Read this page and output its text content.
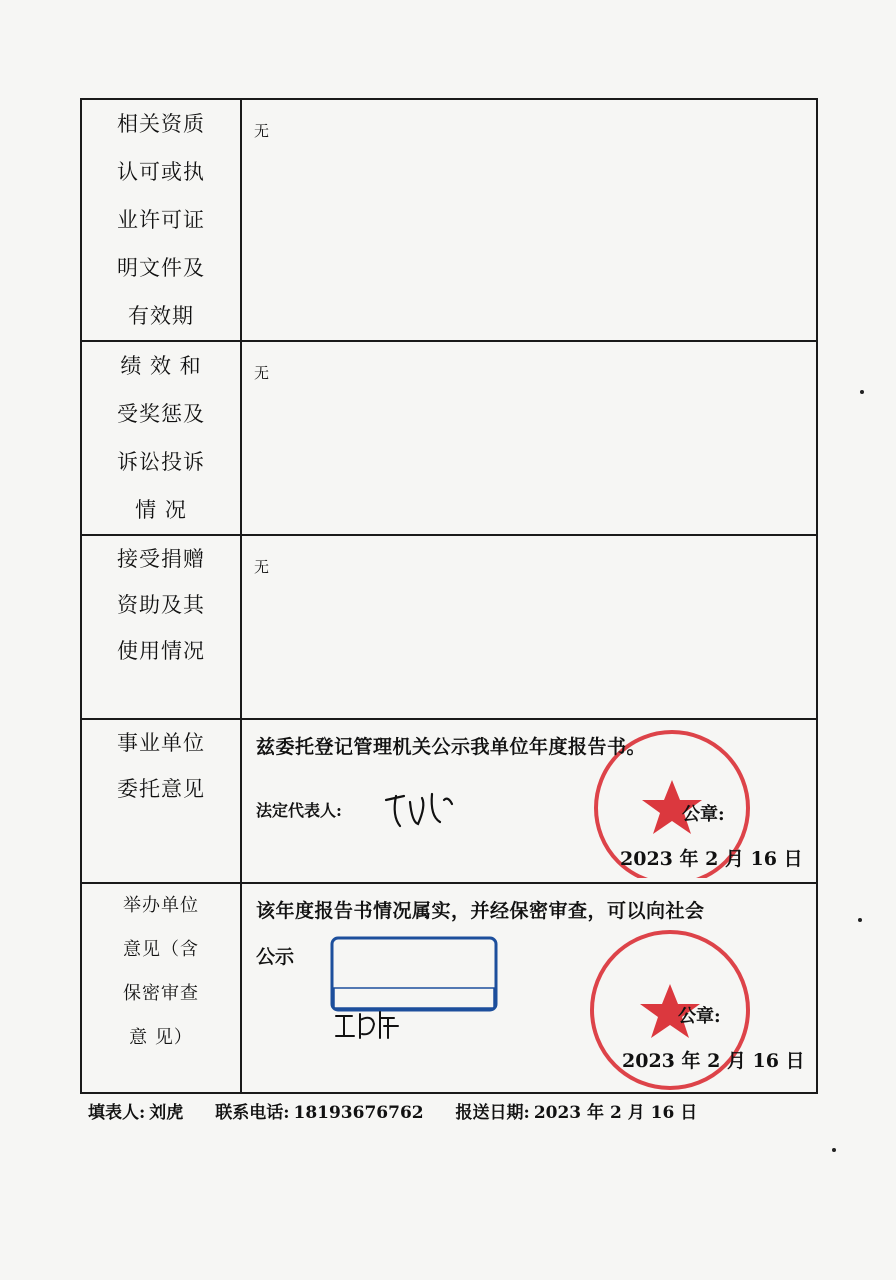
相关资质
认可或执
业许可证
明文件及
有效期	无

绩 效 和
受奖惩及
诉讼投诉
情 况	无

接受捐赠
资助及其
使用情况	无

事业单位
委托意见	兹委托登记管理机关公示我单位年度报告书。
法定代表人: 公章:
2023 年 2 月 16 日

举办单位
意见（含
保密审查
意 见）	该年度报告书情况属实，并经保密审查，可以向社会
公示
公章:
2023 年 2 月 16 日
填表人: 刘虎 联系电话: 18193676762 报送日期: 2023 年 2 月 16 日
